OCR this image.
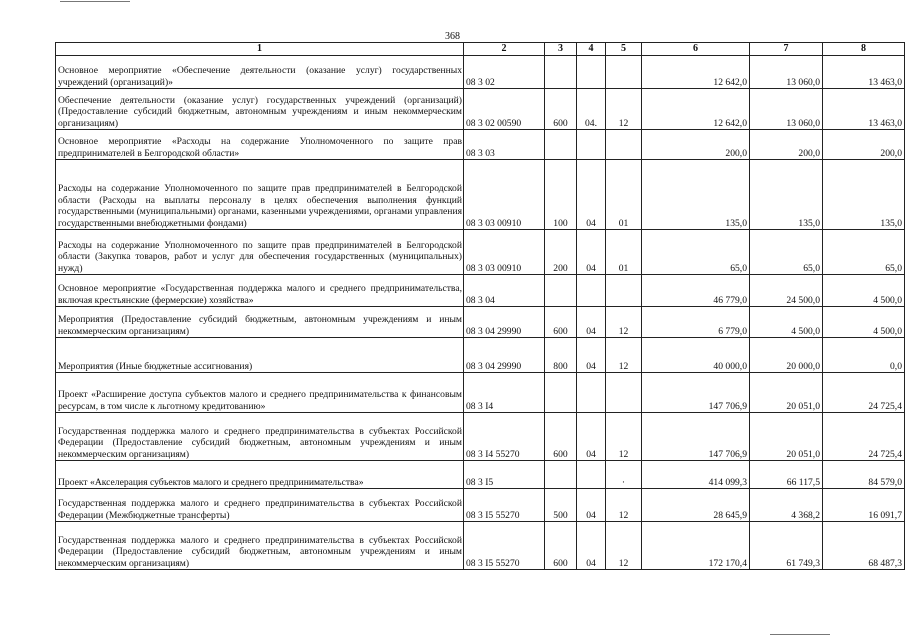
368
1	2	3	4	5	6	7	8
Основное мероприятие «Обеспечение деятельности (оказание услуг) государственных учреждений (организаций)»	08 3 02				12 642,0	13 060,0	13 463,0
Обеспечение деятельности (оказание услуг) государственных учреждений (организаций) (Предоставление субсидий бюджетным, автономным учреждениям и иным некоммерческим организациям)	08 3 02 00590	600	04.	12	12 642,0	13 060,0	13 463,0
Основное мероприятие «Расходы на содержание Уполномоченного по защите прав предпринимателей в Белгородской области»	08 3 03				200,0	200,0	200,0
Расходы на содержание Уполномоченного по защите прав предпринимателей в Белгородской области (Расходы на выплаты персоналу в целях обеспечения выполнения функций государственными (муниципальными) органами, казенными учреждениями, органами управления государственными внебюджетными фондами)	08 3 03 00910	100	04	01	135,0	135,0	135,0
Расходы на содержание Уполномоченного по защите прав предпринимателей в Белгородской области (Закупка товаров, работ и услуг для обеспечения государственных (муниципальных) нужд)	08 3 03 00910	200	04	01	65,0	65,0	65,0
Основное мероприятие «Государственная поддержка малого и среднего предпринимательства, включая крестьянские (фермерские) хозяйства»	08 3 04				46 779,0	24 500,0	4 500,0
Мероприятия (Предоставление субсидий бюджетным, автономным учреждениям и иным некоммерческим организациям)	08 3 04 29990	600	04	12	6 779,0	4 500,0	4 500,0
Мероприятия (Иные бюджетные ассигнования)	08 3 04 29990	800	04	12	40 000,0	20 000,0	0,0
Проект «Расширение доступа субъектов малого и среднего предпринимательства к финансовым ресурсам, в том числе к льготному кредитованию»	08 3 I4				147 706,9	20 051,0	24 725,4
Государственная поддержка малого и среднего предпринимательства в субъектах Российской Федерации (Предоставление субсидий бюджетным, автономным учреждениям и иным некоммерческим организациям)	08 3 I4 55270	600	04	12	147 706,9	20 051,0	24 725,4
Проект «Акселерация субъектов малого и среднего предпринимательства»	08 3 I5			·	414 099,3	66 117,5	84 579,0
Государственная поддержка малого и среднего предпринимательства в субъектах Российской Федерации (Межбюджетные трансферты)	08 3 I5 55270	500	04	12	28 645,9	4 368,2	16 091,7
Государственная поддержка малого и среднего предпринимательства в субъектах Российской Федерации (Предоставление субсидий бюджетным, автономным учреждениям и иным некоммерческим организациям)	08 3 I5 55270	600	04	12	172 170,4	61 749,3	68 487,3
